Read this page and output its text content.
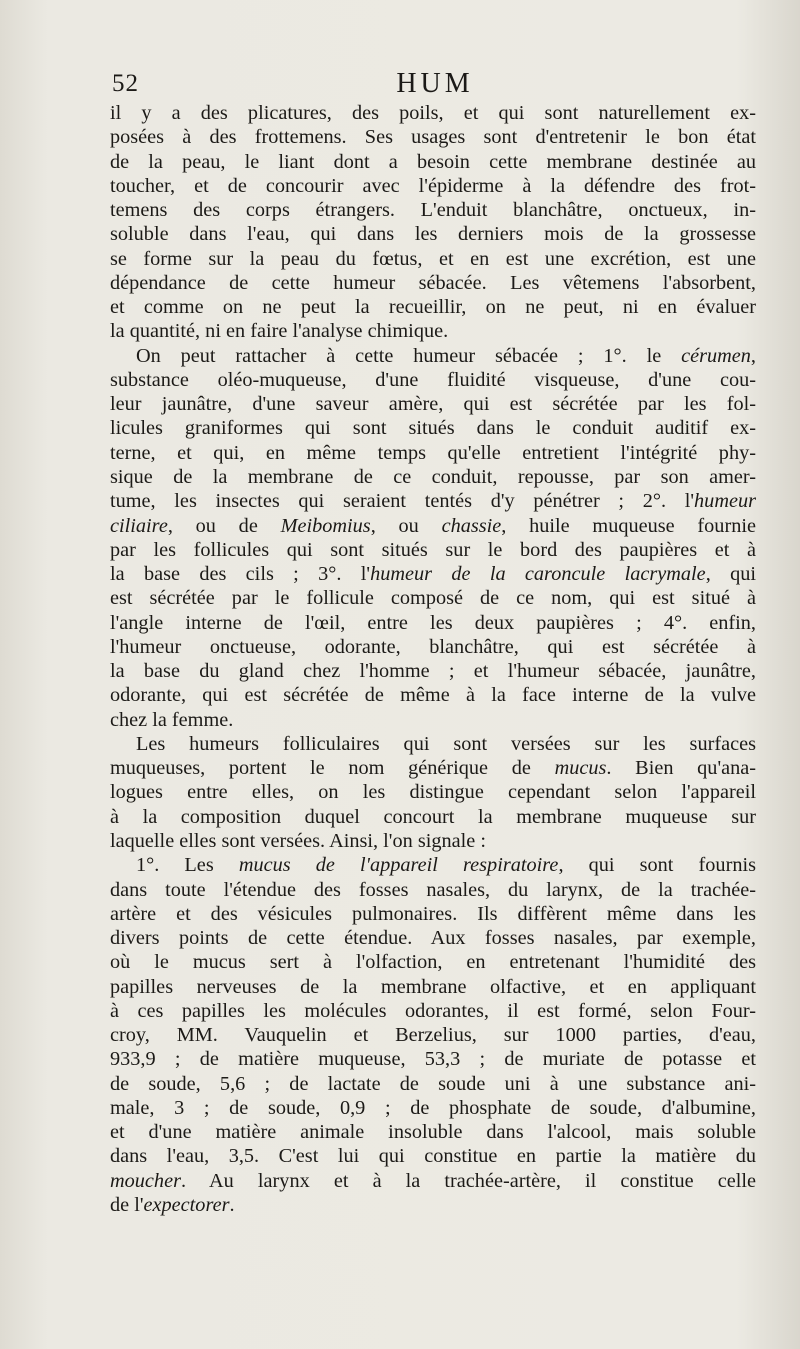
52	HUM
il y a des plicatures, des poils, et qui sont naturellement ex-
posées à des frottemens. Ses usages sont d'entretenir le bon état
de la peau, le liant dont a besoin cette membrane destinée au
toucher, et de concourir avec l'épiderme à la défendre des frot-
temens des corps étrangers. L'enduit blanchâtre, onctueux, in-
soluble dans l'eau, qui dans les derniers mois de la grossesse
se forme sur la peau du fœtus, et en est une excrétion, est une
dépendance de cette humeur sébacée. Les vêtemens l'absorbent,
et comme on ne peut la recueillir, on ne peut, ni en évaluer
la quantité, ni en faire l'analyse chimique.
On peut rattacher à cette humeur sébacée ; 1°. le cérumen,
substance oléo-muqueuse, d'une fluidité visqueuse, d'une cou-
leur jaunâtre, d'une saveur amère, qui est sécrétée par les fol-
licules graniformes qui sont situés dans le conduit auditif ex-
terne, et qui, en même temps qu'elle entretient l'intégrité phy-
sique de la membrane de ce conduit, repousse, par son amer-
tume, les insectes qui seraient tentés d'y pénétrer ; 2°. l'humeur
ciliaire, ou de Meibomius, ou chassie, huile muqueuse fournie
par les follicules qui sont situés sur le bord des paupières et à
la base des cils ; 3°. l'humeur de la caroncule lacrymale, qui
est sécrétée par le follicule composé de ce nom, qui est situé à
l'angle interne de l'œil, entre les deux paupières ; 4°. enfin,
l'humeur onctueuse, odorante, blanchâtre, qui est sécrétée à
la base du gland chez l'homme ; et l'humeur sébacée, jaunâtre,
odorante, qui est sécrétée de même à la face interne de la vulve
chez la femme.
Les humeurs folliculaires qui sont versées sur les surfaces
muqueuses, portent le nom générique de mucus. Bien qu'ana-
logues entre elles, on les distingue cependant selon l'appareil
à la composition duquel concourt la membrane muqueuse sur
laquelle elles sont versées. Ainsi, l'on signale :
1°. Les mucus de l'appareil respiratoire, qui sont fournis
dans toute l'étendue des fosses nasales, du larynx, de la trachée-
artère et des vésicules pulmonaires. Ils diffèrent même dans les
divers points de cette étendue. Aux fosses nasales, par exemple,
où le mucus sert à l'olfaction, en entretenant l'humidité des
papilles nerveuses de la membrane olfactive, et en appliquant
à ces papilles les molécules odorantes, il est formé, selon Four-
croy, MM. Vauquelin et Berzelius, sur 1000 parties, d'eau,
933,9 ; de matière muqueuse, 53,3 ; de muriate de potasse et
de soude, 5,6 ; de lactate de soude uni à une substance ani-
male, 3 ; de soude, 0,9 ; de phosphate de soude, d'albumine,
et d'une matière animale insoluble dans l'alcool, mais soluble
dans l'eau, 3,5. C'est lui qui constitue en partie la matière du
moucher. Au larynx et à la trachée-artère, il constitue celle
de l'expectorer.
